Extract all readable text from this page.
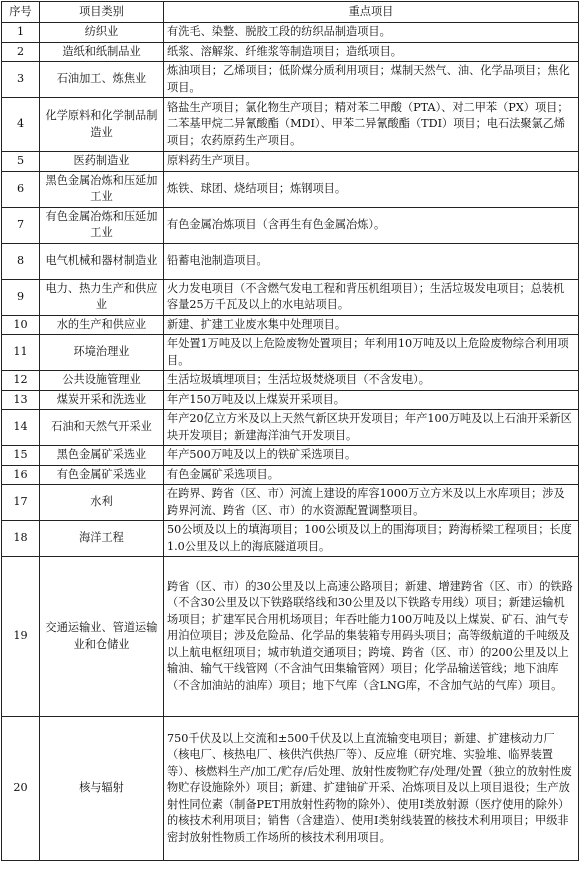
序号	项目类别	重点项目
1	纺织业	有洗毛、染整、脱胶工段的纺织品制造项目。
2	造纸和纸制品业	纸浆、溶解浆、纤维浆等制造项目；造纸项目。
3	石油加工、炼焦业	炼油项目；乙烯项目；低阶煤分质利用项目；煤制天然气、油、化学品项目；焦化项目。
4	化学原料和化学制品制造业	铬盐生产项目；氯化物生产项目；精对苯二甲酸（PTA）、对二甲苯（PX）项目；二苯基甲烷二异氰酸酯（MDI）、甲苯二异氰酸酯（TDI）项目；电石法聚氯乙烯项目；农药原药生产项目。
5	医药制造业	原料药生产项目。
6	黑色金属冶炼和压延加工业	炼铁、球团、烧结项目；炼钢项目。
7	有色金属冶炼和压延加工业	有色金属冶炼项目（含再生有色金属冶炼）。
8	电气机械和器材制造业	铅蓄电池制造项目。
9	电力、热力生产和供应业	火力发电项目（不含燃气发电工程和背压机组项目）；生活垃圾发电项目；总装机容量25万千瓦及以上的水电站项目。
10	水的生产和供应业	新建、扩建工业废水集中处理项目。
11	环境治理业	年处置1万吨及以上危险废物处置项目；年利用10万吨及以上危险废物综合利用项目。
12	公共设施管理业	生活垃圾填埋项目；生活垃圾焚烧项目（不含发电）。
13	煤炭开采和洗选业	年产150万吨及以上煤炭开采项目。
14	石油和天然气开采业	年产20亿立方米及以上天然气新区块开发项目；年产100万吨及以上石油开采新区块开发项目；新建海洋油气开发项目。
15	黑色金属矿采选业	年产500万吨及以上的铁矿采选项目。
16	有色金属矿采选业	有色金属矿采选项目。
17	水利	在跨界、跨省（区、市）河流上建设的库容1000万立方米及以上水库项目；涉及跨界河流、跨省（区、市）的水资源配置调整项目。
18	海洋工程	50公顷及以上的填海项目；100公顷及以上的围海项目；跨海桥梁工程项目；长度1.0公里及以上的海底隧道项目。
19	交通运输业、管道运输业和仓储业	跨省（区、市）的30公里及以上高速公路项目；新建、增建跨省（区、市）的铁路（不含30公里及以下铁路联络线和30公里及以下铁路专用线）项目；新建运输机场项目；扩建军民合用机场项目；年吞吐能力100万吨及以上煤炭、矿石、油气专用泊位项目；涉及危险品、化学品的集装箱专用码头项目；高等级航道的千吨级及以上航电枢纽项目；城市轨道交通项目；跨境、跨省（区、市）的200公里及以上输油、输气干线管网（不含油气田集输管网）项目；化学品输送管线；地下油库（不含加油站的油库）项目；地下气库（含LNG库，不含加气站的气库）项目。
20	核与辐射	750千伏及以上交流和±500千伏及以上直流输变电项目；新建、扩建核动力厂（核电厂、核热电厂、核供汽供热厂等）、反应堆（研究堆、实验堆、临界装置等）、核燃料生产/加工/贮存/后处理、放射性废物贮存/处理/处置（独立的放射性废物贮存设施除外）项目；新建、扩建铀矿开采、冶炼项目及以上项目退役；生产放射性同位素（制备PET用放射性药物的除外）、使用Ⅰ类放射源（医疗使用的除外）的核技术利用项目；销售（含建造）、使用Ⅰ类射线装置的核技术利用项目；甲级非密封放射性物质工作场所的核技术利用项目。
